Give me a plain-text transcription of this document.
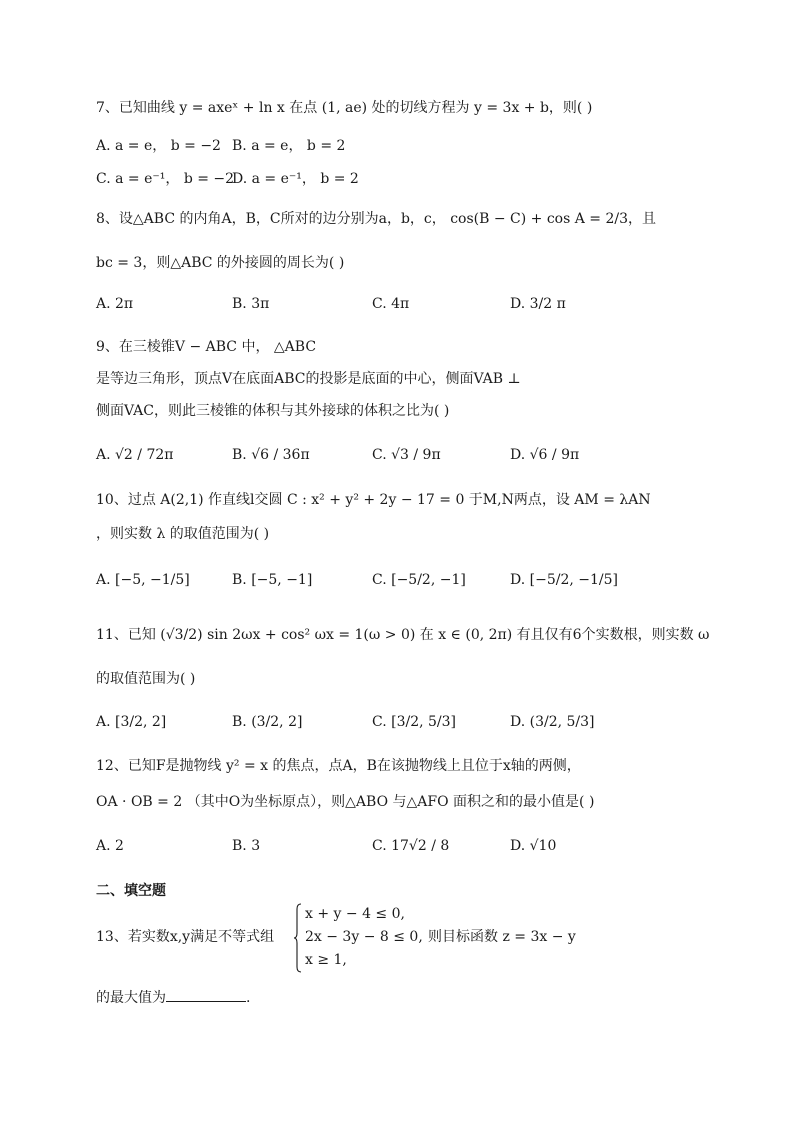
7、已知曲线 y = axeˣ + ln x 在点 (1, ae) 处的切线方程为 y = 3x + b，则( )
A. a = e， b = −2 B. a = e， b = 2
C. a = e⁻¹， b = −2
D. a = e⁻¹， b = 2
8、设△ABC 的内角A，B，C所对的边分别为a，b，c， cos(B − C) + cos A = 2/3，且
bc = 3，则△ABC 的外接圆的周长为( )
A. 2π	B. 3π	C. 4π	D. 3/2 π
9、在三棱锥V − ABC 中， △ABC
是等边三角形，顶点V在底面ABC的投影是底面的中心，侧面VAB ⊥
侧面VAC，则此三棱锥的体积与其外接球的体积之比为( )
A. √2 / 72π	B. √6 / 36π	C. √3 / 9π	D. √6 / 9π
10、过点 A(2,1) 作直线l交圆 C : x² + y² + 2y − 17 = 0 于M,N两点，设 AM = λAN
，则实数 λ 的取值范围为( )
A. [−5, −1/5]	B. [−5, −1]	C. [−5/2, −1]	D. [−5/2, −1/5]
11、已知 (√3/2) sin 2ωx + cos² ωx = 1(ω > 0) 在 x ∈ (0, 2π) 有且仅有6个实数根，则实数 ω
的取值范围为( )
A. [3/2, 2]	B. (3/2, 2]	C. [3/2, 5/3]	D. (3/2, 5/3]
12、已知F是抛物线 y² = x 的焦点，点A，B在该抛物线上且位于x轴的两侧，
OA · OB = 2 （其中O为坐标原点），则△ABO 与△AFO 面积之和的最小值是( )
A. 2	B. 3	C. 17√2 / 8	D. √10
二、填空题
13、若实数x,y满足不等式组
x + y − 4 ≤ 0,
2x − 3y − 8 ≤ 0,
x ≥ 1,
则目标函数 z = 3x − y
的最大值为	.
